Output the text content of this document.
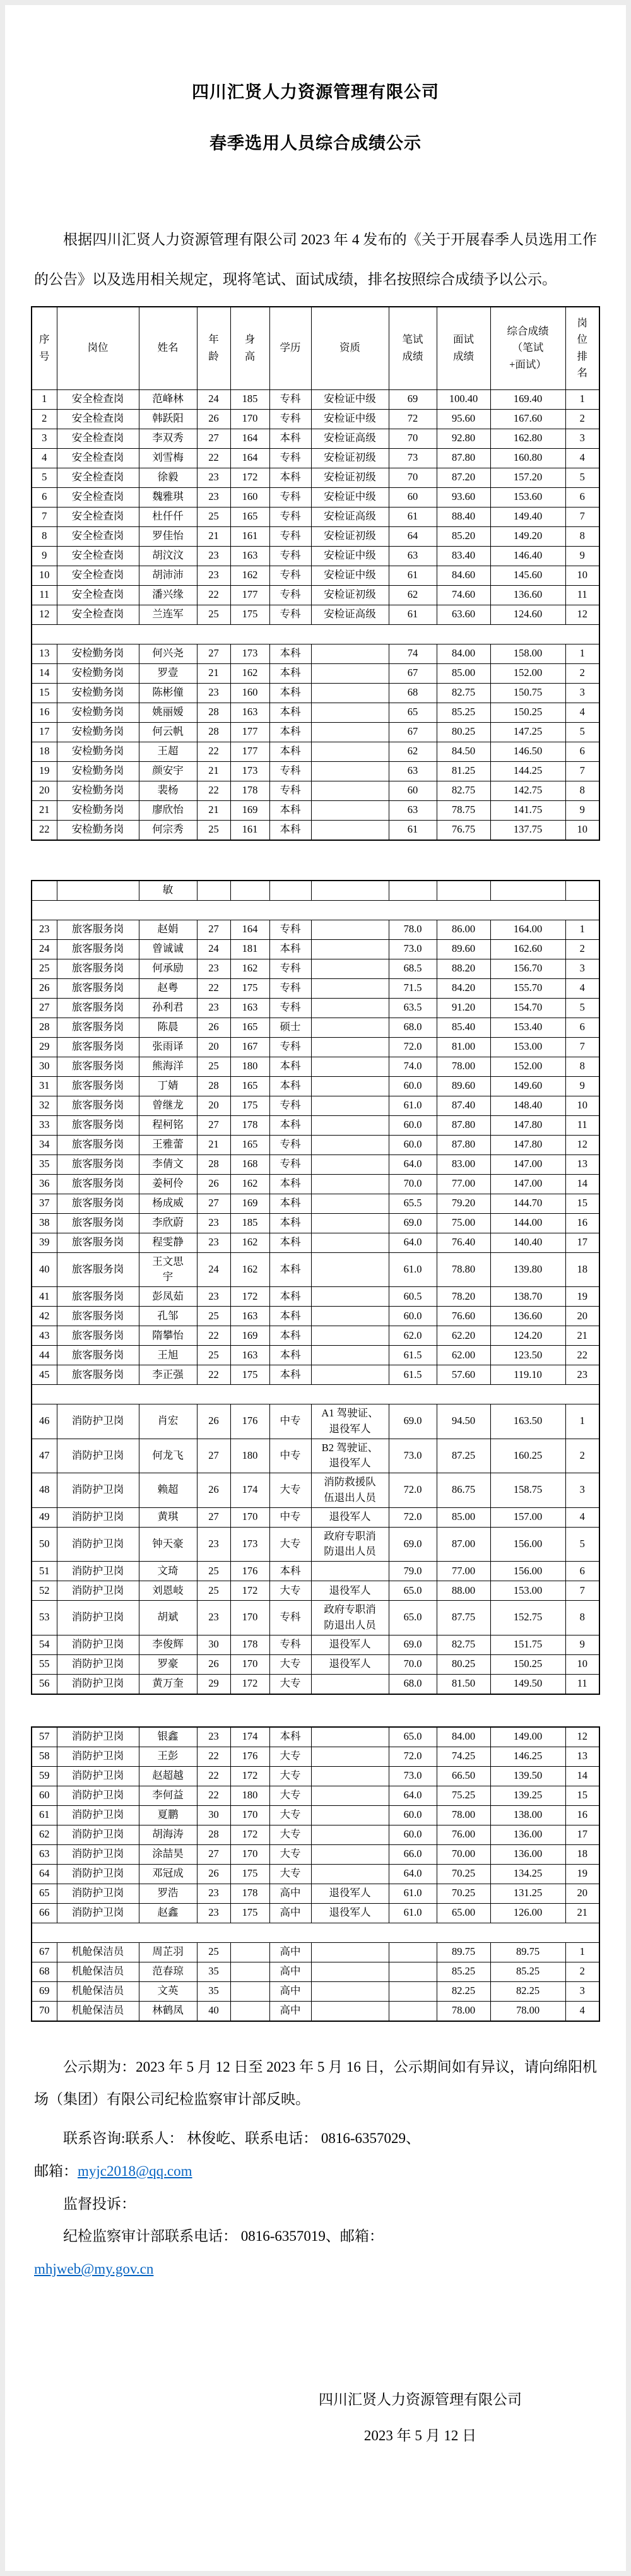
四川汇贤人力资源管理有限公司
春季选用人员综合成绩公示

根据四川汇贤人力资源管理有限公司 2023 年 4 发布的《关于开展春季人员选用工作的公告》以及选用相关规定，现将笔试、面试成绩，排名按照综合成绩予以公示。

序号	岗位	姓名	年龄	身高	学历	资质	笔试成绩	面试成绩	综合成绩（笔试+面试）	岗位排名
1	安全检查岗	范峰林	24	185	专科	安检证中级	69	100.40	169.40	1
2	安全检查岗	韩跃阳	26	170	专科	安检证中级	72	95.60	167.60	2
3	安全检查岗	李双秀	27	164	本科	安检证高级	70	92.80	162.80	3
4	安全检查岗	刘雪梅	22	164	专科	安检证初级	73	87.80	160.80	4
5	安全检查岗	徐毅	23	172	本科	安检证初级	70	87.20	157.20	5
6	安全检查岗	魏雅琪	23	160	专科	安检证中级	60	93.60	153.60	6
7	安全检查岗	杜仟仟	25	165	专科	安检证高级	61	88.40	149.40	7
8	安全检查岗	罗佳怡	21	161	专科	安检证初级	64	85.20	149.20	8
9	安全检查岗	胡汶汶	23	163	专科	安检证中级	63	83.40	146.40	9
10	安全检查岗	胡沛沛	23	162	专科	安检证中级	61	84.60	145.60	10
11	安全检查岗	潘兴缘	22	177	专科	安检证初级	62	74.60	136.60	11
12	安全检查岗	兰连军	25	175	专科	安检证高级	61	63.60	124.60	12

13	安检勤务岗	何兴尧	27	173	本科		74	84.00	158.00	1
14	安检勤务岗	罗壹	21	162	本科		67	85.00	152.00	2
15	安检勤务岗	陈彬僮	23	160	本科		68	82.75	150.75	3
16	安检勤务岗	姚丽嫒	28	163	本科		65	85.25	150.25	4
17	安检勤务岗	何云帆	28	177	本科		67	80.25	147.25	5
18	安检勤务岗	王超	22	177	本科		62	84.50	146.50	6
19	安检勤务岗	颜安宇	21	173	专科		63	81.25	144.25	7
20	安检勤务岗	裴杨	22	178	专科		60	82.75	142.75	8
21	安检勤务岗	廖欣怡	21	169	本科		63	78.75	141.75	9
22	安检勤务岗	何宗秀	25	161	本科		61	76.75	137.75	10
		敏								

23	旅客服务岗	赵娟	27	164	专科		78.0	86.00	164.00	1
24	旅客服务岗	曾诚诚	24	181	本科		73.0	89.60	162.60	2
25	旅客服务岗	何承励	23	162	专科		68.5	88.20	156.70	3
26	旅客服务岗	赵粤	22	175	专科		71.5	84.20	155.70	4
27	旅客服务岗	孙利君	23	163	专科		63.5	91.20	154.70	5
28	旅客服务岗	陈晨	26	165	硕士		68.0	85.40	153.40	6
29	旅客服务岗	张雨译	20	167	专科		72.0	81.00	153.00	7
30	旅客服务岗	熊海洋	25	180	本科		74.0	78.00	152.00	8
31	旅客服务岗	丁婧	28	165	本科		60.0	89.60	149.60	9
32	旅客服务岗	曾继龙	20	175	专科		61.0	87.40	148.40	10
33	旅客服务岗	程柯铭	27	178	本科		60.0	87.80	147.80	11
34	旅客服务岗	王雅蕾	21	165	专科		60.0	87.80	147.80	12
35	旅客服务岗	李倩文	28	168	专科		64.0	83.00	147.00	13
36	旅客服务岗	姜柯伶	26	162	本科		70.0	77.00	147.00	14
37	旅客服务岗	杨成威	27	169	本科		65.5	79.20	144.70	15
38	旅客服务岗	李欣蔚	23	185	本科		69.0	75.00	144.00	16
39	旅客服务岗	程雯静	23	162	本科		64.0	76.40	140.40	17
40	旅客服务岗	王文思宇	24	162	本科		61.0	78.80	139.80	18
41	旅客服务岗	彭凤茹	23	172	本科		60.5	78.20	138.70	19
42	旅客服务岗	孔邹	25	163	本科		60.0	76.60	136.60	20
43	旅客服务岗	隋攀怡	22	169	本科		62.0	62.20	124.20	21
44	旅客服务岗	王旭	25	163	本科		61.5	62.00	123.50	22
45	旅客服务岗	李正强	22	175	本科		61.5	57.60	119.10	23

46	消防护卫岗	肖宏	26	176	中专	A1 驾驶证、退役军人	69.0	94.50	163.50	1
47	消防护卫岗	何龙飞	27	180	中专	B2 驾驶证、退役军人	73.0	87.25	160.25	2
48	消防护卫岗	赖超	26	174	大专	消防救援队伍退出人员	72.0	86.75	158.75	3
49	消防护卫岗	黄琪	27	170	中专	退役军人	72.0	85.00	157.00	4
50	消防护卫岗	钟天豪	23	173	大专	政府专职消防退出人员	69.0	87.00	156.00	5
51	消防护卫岗	文琦	25	176	本科		79.0	77.00	156.00	6
52	消防护卫岗	刘恩岐	25	172	大专	退役军人	65.0	88.00	153.00	7
53	消防护卫岗	胡斌	23	170	专科	政府专职消防退出人员	65.0	87.75	152.75	8
54	消防护卫岗	李俊辉	30	178	专科	退役军人	69.0	82.75	151.75	9
55	消防护卫岗	罗豪	26	170	大专	退役军人	70.0	80.25	150.25	10
56	消防护卫岗	黄万奎	29	172	大专		68.0	81.50	149.50	11
57	消防护卫岗	银鑫	23	174	本科		65.0	84.00	149.00	12
58	消防护卫岗	王彭	22	176	大专		72.0	74.25	146.25	13
59	消防护卫岗	赵超越	22	172	大专		73.0	66.50	139.50	14
60	消防护卫岗	李何益	22	180	大专		64.0	75.25	139.25	15
61	消防护卫岗	夏鹏	30	170	大专		60.0	78.00	138.00	16
62	消防护卫岗	胡海涛	28	172	大专		60.0	76.00	136.00	17
63	消防护卫岗	涂喆昊	27	170	大专		66.0	70.00	136.00	18
64	消防护卫岗	邓冠成	26	175	大专		64.0	70.25	134.25	19
65	消防护卫岗	罗浩	23	178	高中	退役军人	61.0	70.25	131.25	20
66	消防护卫岗	赵鑫	23	175	高中	退役军人	61.0	65.00	126.00	21

67	机舱保洁员	周芷羽	25		高中			89.75	89.75	1
68	机舱保洁员	范春琼	35		高中			85.25	85.25	2
69	机舱保洁员	文英	35		高中			82.25	82.25	3
70	机舱保洁员	林鹤凤	40		高中			78.00	78.00	4

公示期为：2023 年 5 月 12 日至 2023 年 5 月 16 日，公示期间如有异议，请向绵阳机场（集团）有限公司纪检监察审计部反映。

联系咨询:联系人： 林俊屹、联系电话： 0816-6357029、
邮箱：myjc2018@qq.com

监督投诉：

纪检监察审计部联系电话： 0816-6357019、邮箱：
mhjweb@my.gov.cn

四川汇贤人力资源管理有限公司
2023 年 5 月 12 日
